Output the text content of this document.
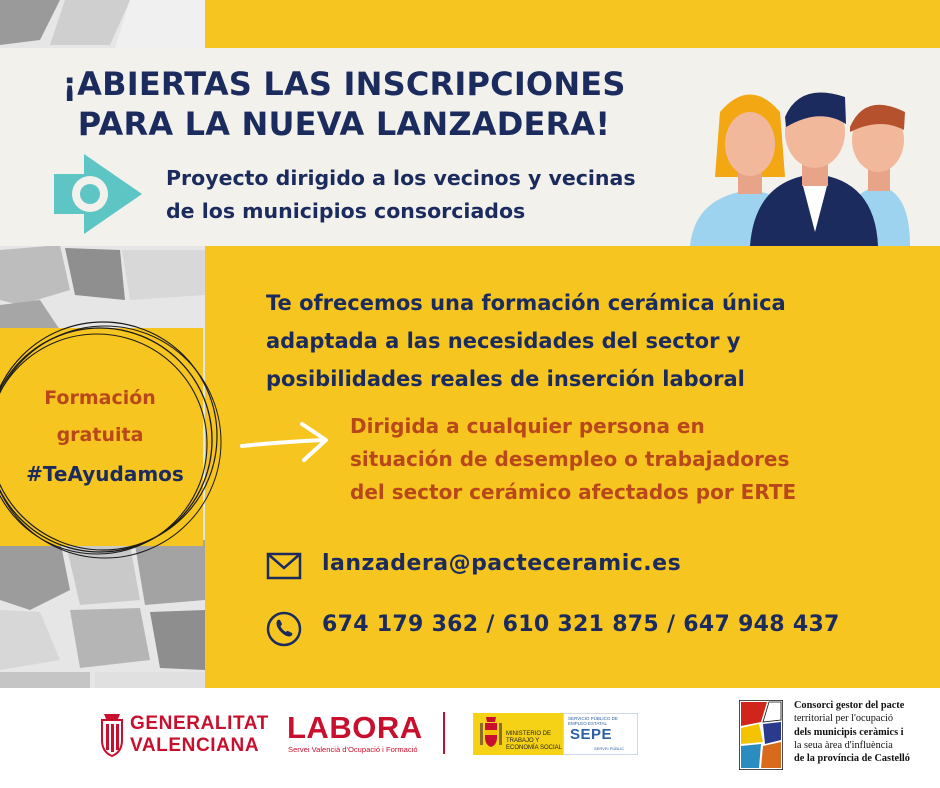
¡ABIERTAS LAS INSCRIPCIONES
PARA LA NUEVA LANZADERA!
Proyecto dirigido a los vecinos y vecinas
de los municipios consorciados
Te ofrecemos una formación cerámica única
adaptada a las necesidades del sector y
posibilidades reales de inserción laboral
Formación
gratuita
#TeAyudamos
Dirigida a cualquier persona en
situación de desempleo o trabajadores
del sector cerámico afectados por ERTE
lanzadera@pacteceramic.es
674 179 362 / 610 321 875 / 647 948 437
GENERALITAT
VALENCIANA
LABORA
Servei Valencià d'Ocupació i Formació
MINISTERIO DE TRABAJO Y ECONOMÍA SOCIAL
SERVICIO PÚBLICO DE EMPLEO ESTATAL
SEPE
SERVEI PÚBLIC
Consorci gestor del pacte
territorial per l'ocupació
dels municipis ceràmics i
la seua àrea d'influència
de la província de Castelló
